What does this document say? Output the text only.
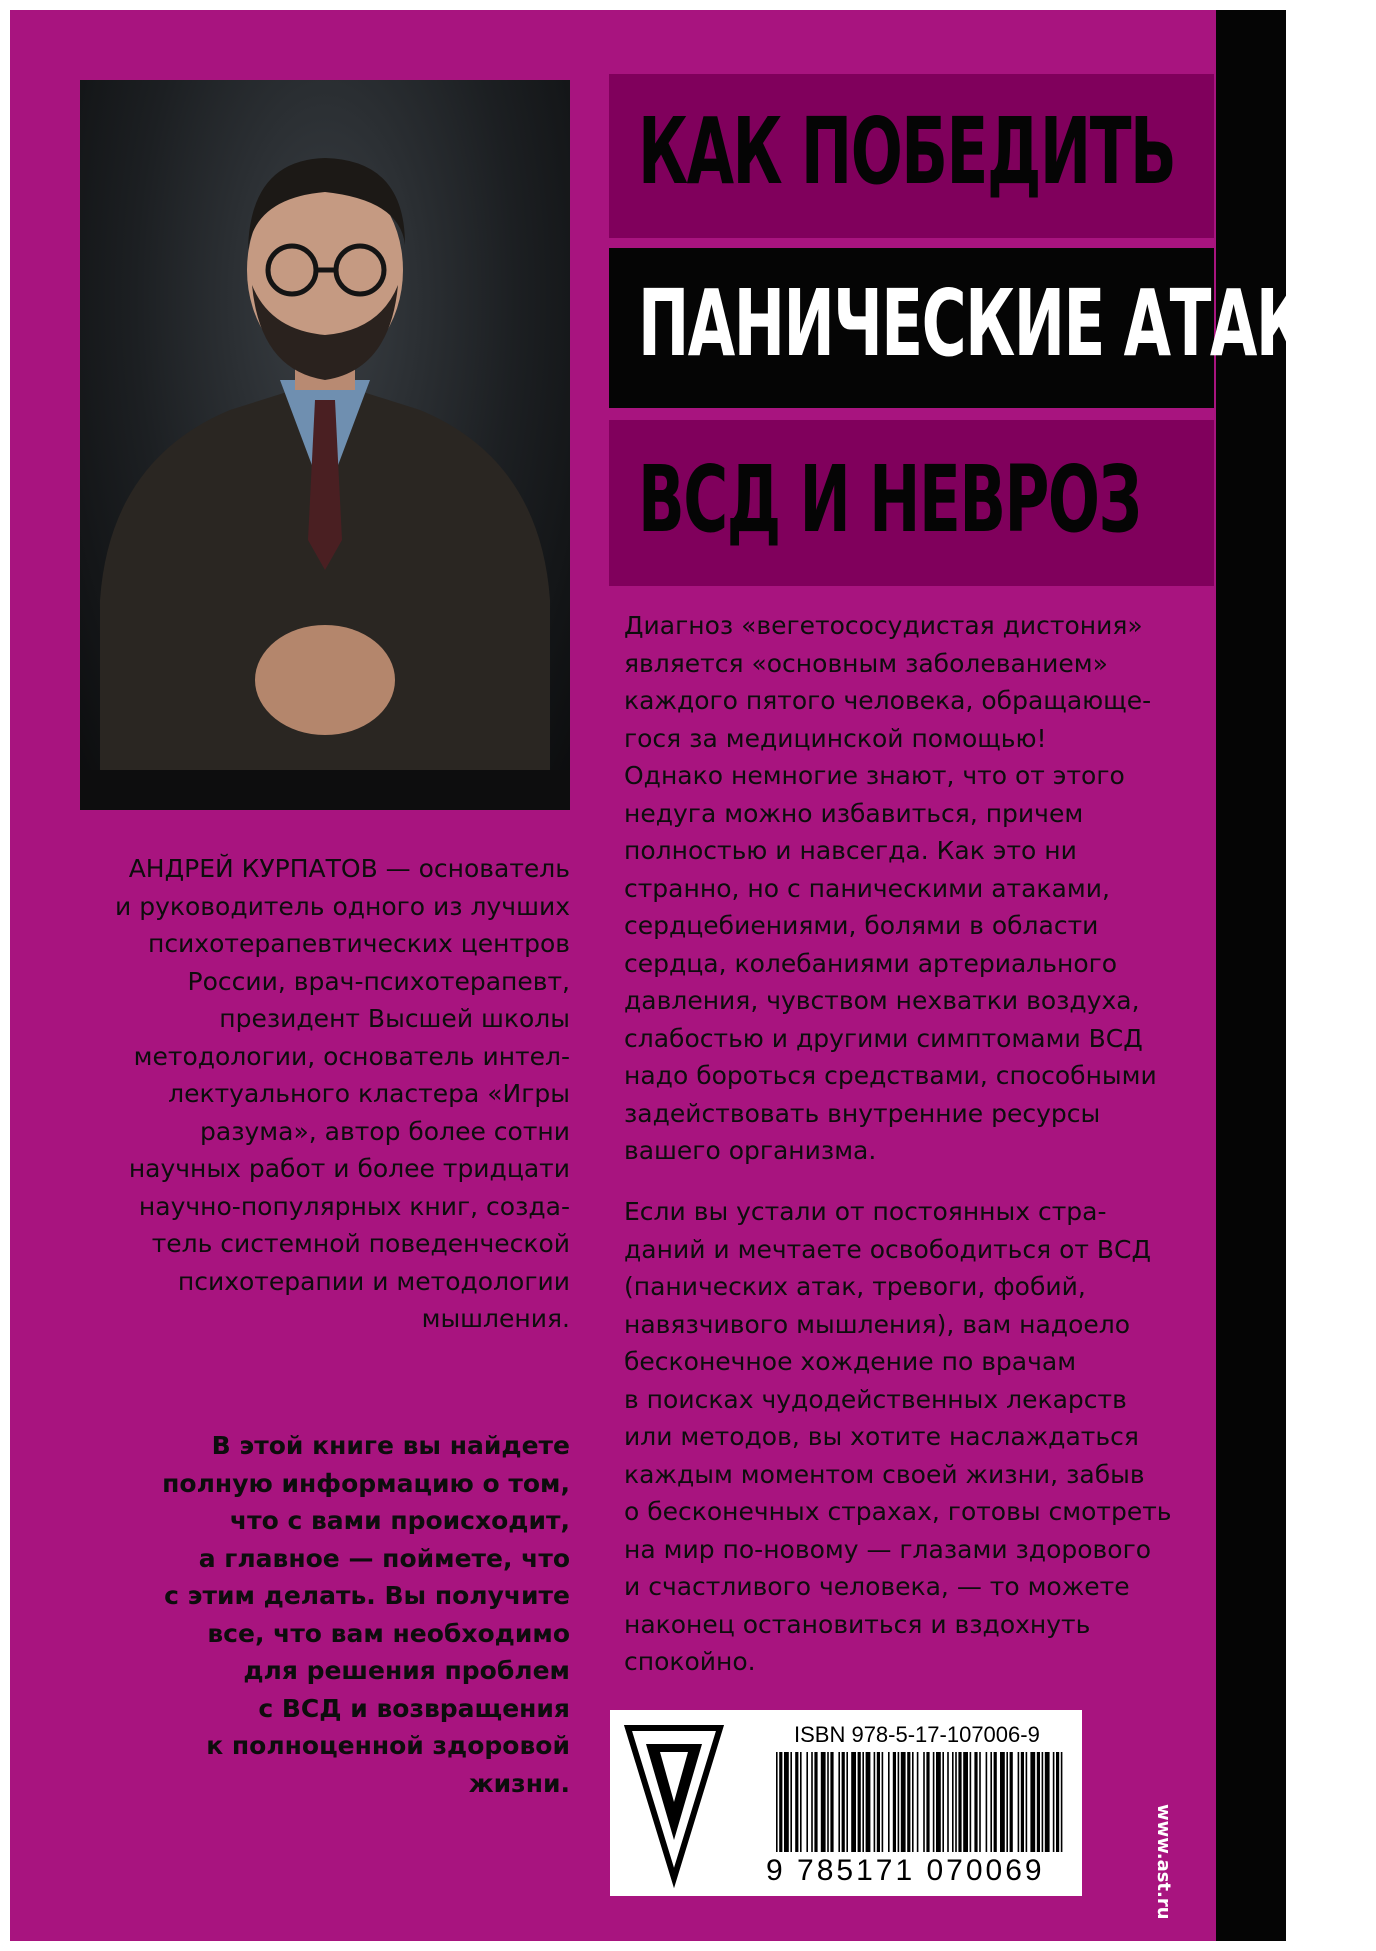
КАК ПОБЕДИТЬ
ПАНИЧЕСКИЕ АТАКИ,
ВСД И НЕВРОЗ

АНДРЕЙ КУРПАТОВ — основатель
и руководитель одного из лучших
психотерапевтических центров
России, врач-психотерапевт,
президент Высшей школы
методологии, основатель интел-
лектуального кластера «Игры
разума», автор более сотни
научных работ и более тридцати
научно-популярных книг, созда-
тель системной поведенческой
психотерапии и методологии
мышления.

В этой книге вы найдете
полную информацию о том,
что с вами происходит,
а главное — поймете, что
с этим делать. Вы получите
все, что вам необходимо
для решения проблем
с ВСД и возвращения
к полноценной здоровой
жизни.

Диагноз «вегетососудистая дистония»
является «основным заболеванием»
каждого пятого человека, обращающе-
гося за медицинской помощью!
Однако немногие знают, что от этого
недуга можно избавиться, причем
полностью и навсегда. Как это ни
странно, но с паническими атаками,
сердцебиениями, болями в области
сердца, колебаниями артериального
давления, чувством нехватки воздуха,
слабостью и другими симптомами ВСД
надо бороться средствами, способными
задействовать внутренние ресурсы
вашего организма.

Если вы устали от постоянных стра-
даний и мечтаете освободиться от ВСД
(панических атак, тревоги, фобий,
навязчивого мышления), вам надоело
бесконечное хождение по врачам
в поисках чудодейственных лекарств
или методов, вы хотите наслаждаться
каждым моментом своей жизни, забыв
о бесконечных страхах, готовы смотреть
на мир по-новому — глазами здорового
и счастливого человека, — то можете
наконец остановиться и вздохнуть
спокойно.

ISBN 978-5-17-107006-9
9 785171 070069	www.ast.ru
